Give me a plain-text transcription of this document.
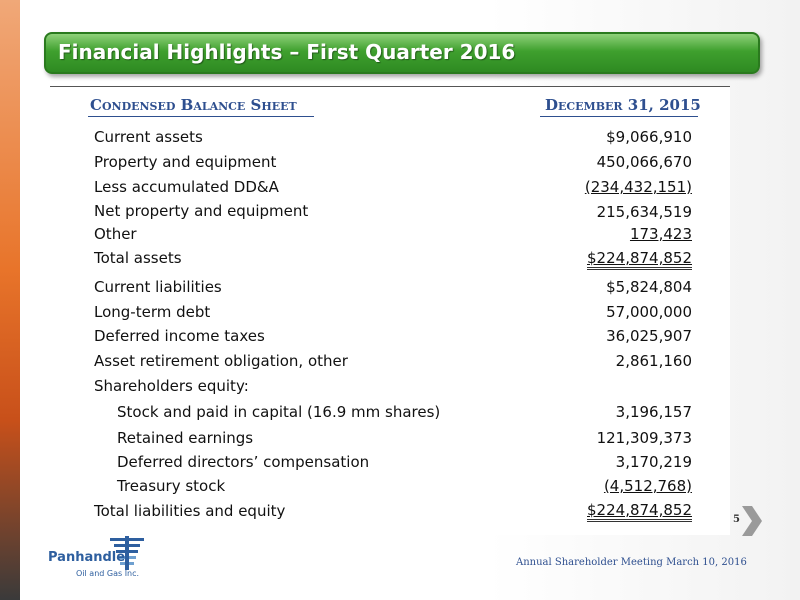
Financial Highlights – First Quarter 2016
Condensed Balance Sheet	December 31, 2015
Current assets	$9,066,910
Property and equipment	450,066,670
Less accumulated DD&A	(234,432,151)
Net property and equipment	215,634,519
Other	173,423
Total assets	$224,874,852
Current liabilities	$5,824,804
Long-term debt	57,000,000
Deferred income taxes	36,025,907
Asset retirement obligation, other	2,861,160
Shareholders equity:
Stock and paid in capital (16.9 mm shares)	3,196,157
Retained earnings	121,309,373
Deferred directors’ compensation	3,170,219
Treasury stock	(4,512,768)
Total liabilities and equity	$224,874,852
5
Annual Shareholder Meeting March 10, 2016
Panhandle
Oil and Gas Inc.
